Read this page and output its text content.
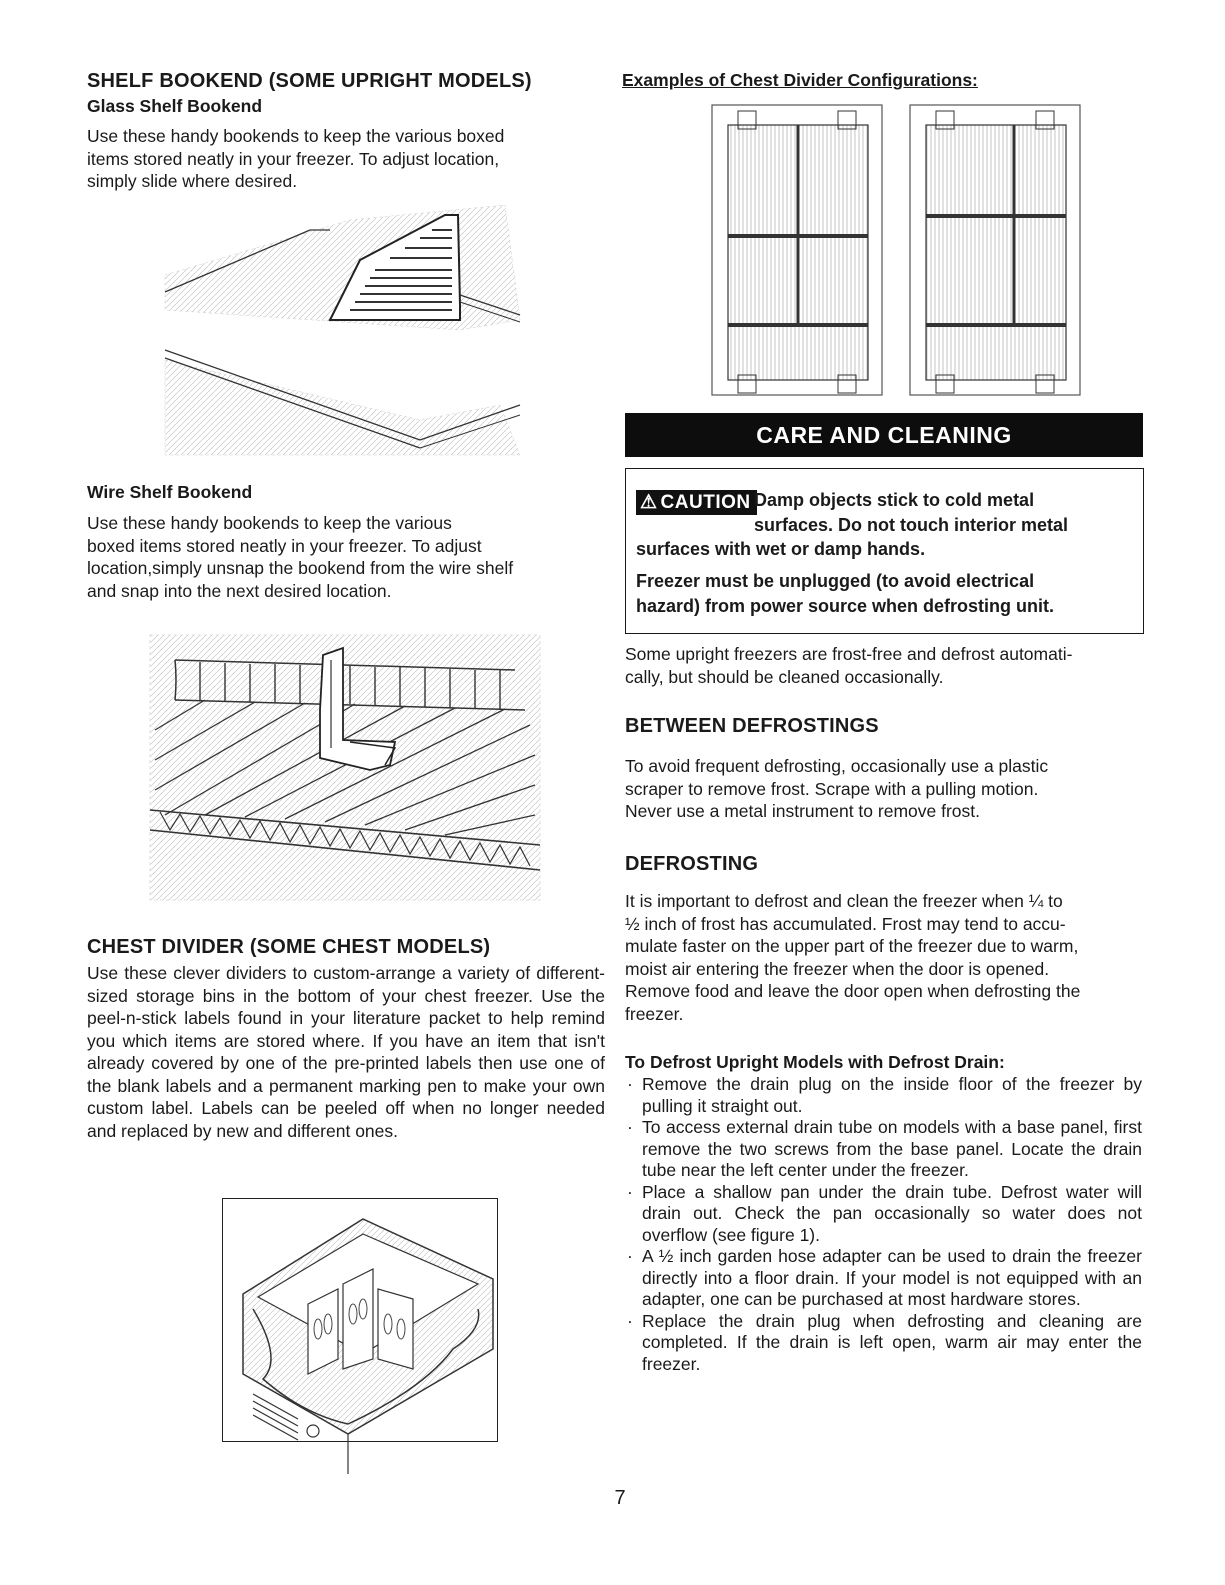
SHELF BOOKEND (SOME UPRIGHT MODELS)
Glass Shelf Bookend
Use these handy bookends to keep the various boxed
items stored neatly in your freezer. To adjust location,
simply slide where desired.
Wire Shelf Bookend
Use these handy bookends to keep the various
boxed items stored neatly in your freezer. To adjust
location,simply unsnap the bookend from the wire shelf
and snap into the next desired location.
CHEST DIVIDER (SOME CHEST MODELS)
Use these clever dividers to custom-arrange a variety of different-sized storage bins in the bottom of your chest freezer. Use the peel-n-stick labels found in your literature packet to help remind you which items are stored where. If you have an item that isn't already covered by one of the pre-printed labels then use one of the blank labels and a permanent marking pen to make your own custom label. Labels can be peeled off when no longer needed and replaced by new and different ones.
Examples of Chest Divider Configurations:
CARE AND CLEANING
⚠ CAUTION Damp objects stick to cold metal
surfaces. Do not touch interior metal
surfaces with wet or damp hands.
Freezer must be unplugged (to avoid electrical
hazard) from power source when defrosting unit.
Some upright freezers are frost-free and defrost automati-
cally, but should be cleaned occasionally.
BETWEEN DEFROSTINGS
To avoid frequent defrosting, occasionally use a plastic
scraper to remove frost. Scrape with a pulling motion.
Never use a metal instrument to remove frost.
DEFROSTING
It is important to defrost and clean the freezer when ¼ to
½ inch of frost has accumulated. Frost may tend to accu-
mulate faster on the upper part of the freezer due to warm,
moist air entering the freezer when the door is opened.
Remove food and leave the door open when defrosting the
freezer.
To Defrost Upright Models with Defrost Drain:
· Remove the drain plug on the inside floor of the freezer by pulling it straight out.
· To access external drain tube on models with a base panel, first remove the two screws from the base panel. Locate the drain tube near the left center under the freezer.
· Place a shallow pan under the drain tube. Defrost water will drain out. Check the pan occasionally so water does not overflow (see figure 1).
· A ½ inch garden hose adapter can be used to drain the freezer directly into a floor drain. If your model is not equipped with an adapter, one can be purchased at most hardware stores.
· Replace the drain plug when defrosting and cleaning are completed. If the drain is left open, warm air may enter the freezer.
7
